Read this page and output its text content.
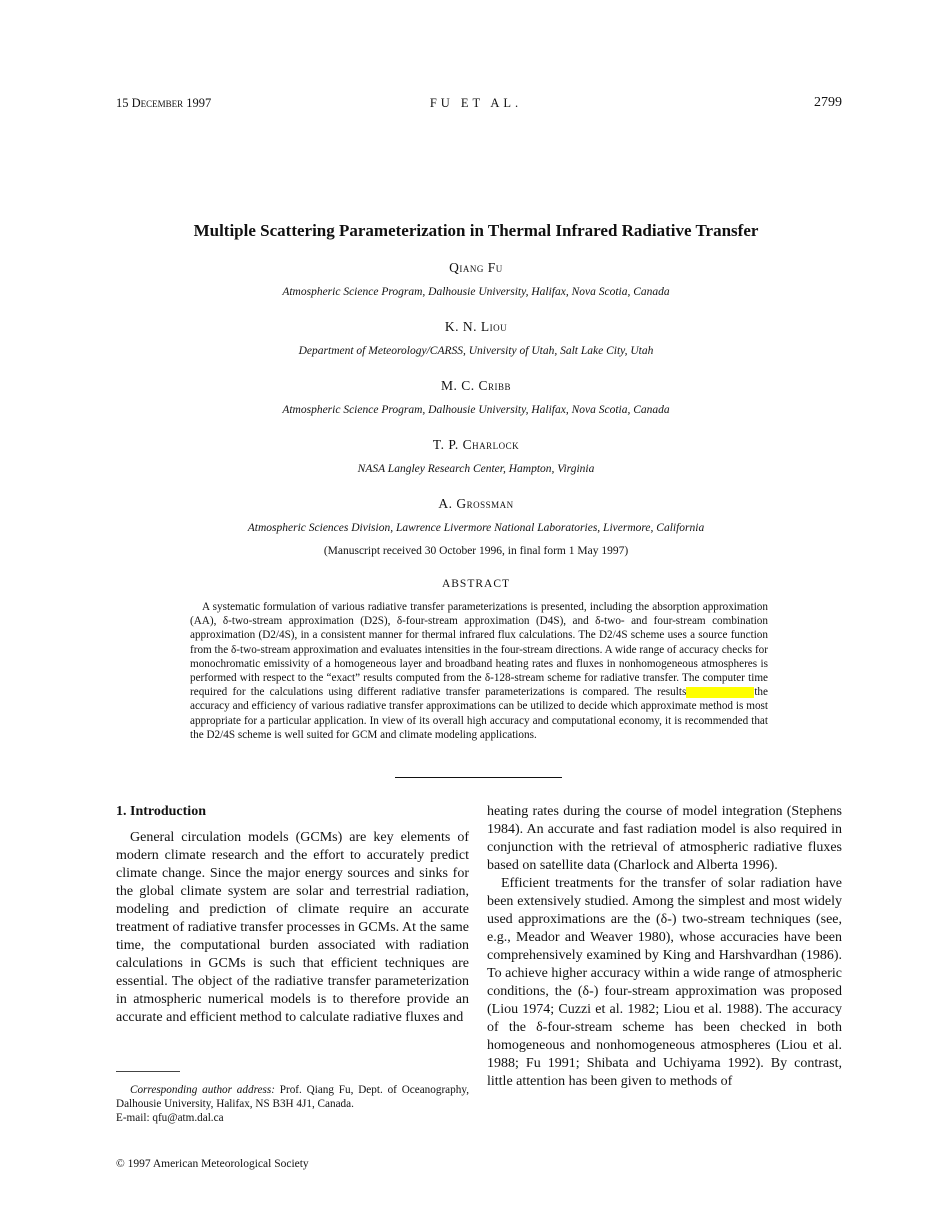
15 December 1997	FU ET AL.	2799
Multiple Scattering Parameterization in Thermal Infrared Radiative Transfer
Qiang Fu
Atmospheric Science Program, Dalhousie University, Halifax, Nova Scotia, Canada
K. N. Liou
Department of Meteorology/CARSS, University of Utah, Salt Lake City, Utah
M. C. Cribb
Atmospheric Science Program, Dalhousie University, Halifax, Nova Scotia, Canada
T. P. Charlock
NASA Langley Research Center, Hampton, Virginia
A. Grossman
Atmospheric Sciences Division, Lawrence Livermore National Laboratories, Livermore, California
(Manuscript received 30 October 1996, in final form 1 May 1997)
ABSTRACT
A systematic formulation of various radiative transfer parameterizations is presented, including the absorption approximation (AA), δ-two-stream approximation (D2S), δ-four-stream approximation (D4S), and δ-two- and four-stream combination approximation (D2/4S), in a consistent manner for thermal infrared flux calculations. The D2/4S scheme uses a source function from the δ-two-stream approximation and evaluates intensities in the four-stream directions. A wide range of accuracy checks for monochromatic emissivity of a homogeneous layer and broadband heating rates and fluxes in nonhomogeneous atmospheres is performed with respect to the “exact” results computed from the δ-128-stream scheme for radiative transfer. The computer time required for the calculations using different radiative transfer parameterizations is compared. The results	the accuracy and efficiency of various radiative transfer approximations can be utilized to decide which approximate method is most appropriate for a particular application. In view of its overall high accuracy and computational economy, it is recommended that the D2/4S scheme is well suited for GCM and climate modeling applications.
1. Introduction

General circulation models (GCMs) are key elements of modern climate research and the effort to accurately predict climate change. Since the major energy sources and sinks for the global climate system are solar and terrestrial radiation, modeling and prediction of climate require an accurate treatment of radiative transfer processes in GCMs. At the same time, the computational burden associated with radiation calculations in GCMs is such that efficient techniques are essential. The object of the radiative transfer parameterization in atmospheric numerical models is to therefore provide an accurate and efficient method to calculate radiative fluxes and

heating rates during the course of model integration (Stephens 1984). An accurate and fast radiation model is also required in conjunction with the retrieval of atmospheric radiative fluxes based on satellite data (Charlock and Alberta 1996).

Efficient treatments for the transfer of solar radiation have been extensively studied. Among the simplest and most widely used approximations are the (δ-) two-stream techniques (see, e.g., Meador and Weaver 1980), whose accuracies have been comprehensively examined by King and Harshvardhan (1986). To achieve higher accuracy within a wide range of atmospheric conditions, the (δ-) four-stream approximation was proposed (Liou 1974; Cuzzi et al. 1982; Liou et al. 1988). The accuracy of the δ-four-stream scheme has been checked in both homogeneous and nonhomogeneous atmospheres (Liou et al. 1988; Fu 1991; Shibata and Uchiyama 1992). By contrast, little attention has been given to methods of

Corresponding author address: Prof. Qiang Fu, Dept. of Oceanography, Dalhousie University, Halifax, NS B3H 4J1, Canada.
E-mail: qfu@atm.dal.ca
© 1997 American Meteorological Society
